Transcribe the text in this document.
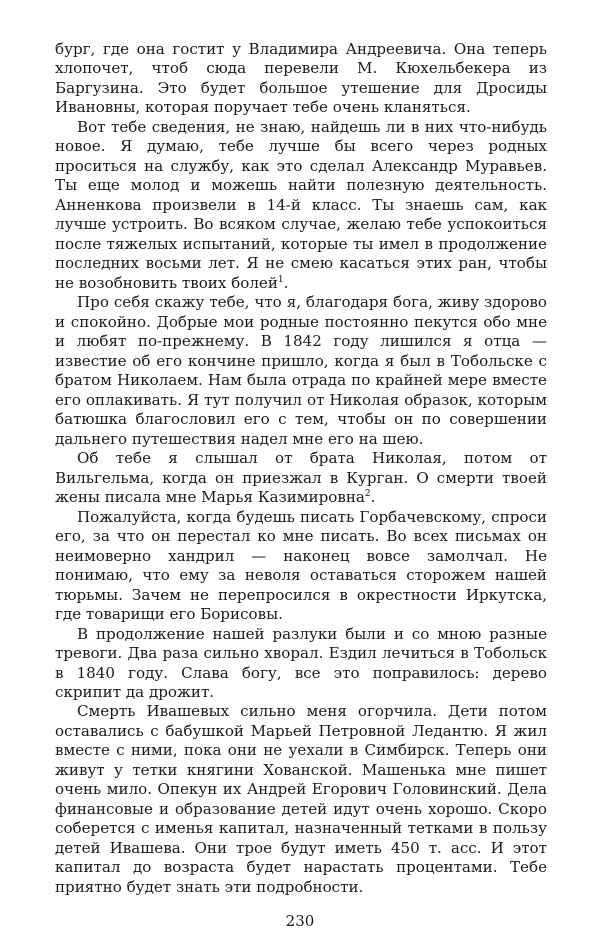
бург, где она гостит у Владимира Андреевича. Она теперь хлопочет, чтоб сюда перевели М. Кюхельбекера из Баргузина. Это будет большое утешение для Дросиды Ивановны, которая поручает тебе очень кланяться.

Вот тебе сведения, не знаю, найдешь ли в них что-нибудь новое. Я думаю, тебе лучше бы всего через родных проситься на службу, как это сделал Александр Муравьев. Ты еще молод и можешь найти полезную деятельность. Анненкова произвели в 14-й класс. Ты знаешь сам, как лучше устроить. Во всяком случае, желаю тебе успокоиться после тяжелых испытаний, которые ты имел в продолжение последних восьми лет. Я не смею касаться этих ран, чтобы не возобновить твоих болей$^1$.

Про себя скажу тебе, что я, благодаря бога, живу здорово и спокойно. Добрые мои родные постоянно пекутся обо мне и любят по-прежнему. В 1842 году лишился я отца — известие об его кончине пришло, когда я был в Тобольске с братом Николаем. Нам была отрада по крайней мере вместе его оплакивать. Я тут получил от Николая образок, которым батюшка благословил его с тем, чтобы он по совершении дальнего путешествия надел мне его на шею.

Об тебе я слышал от брата Николая, потом от Вильгельма, когда он приезжал в Курган. О смерти твоей жены писала мне Марья Казимировна$^2$.

Пожалуйста, когда будешь писать Горбачевскому, спроси его, за что он перестал ко мне писать. Во всех письмах он неимоверно хандрил — наконец вовсе замолчал. Не понимаю, что ему за неволя оставаться сторожем нашей тюрьмы. Зачем не перепросился в окрестности Иркутска, где товарищи его Борисовы.

В продолжение нашей разлуки были и со мною разные тревоги. Два раза сильно хворал. Ездил лечиться в Тобольск в 1840 году. Слава богу, все это поправилось: дерево скрипит да дрожит.

Смерть Ивашевых сильно меня огорчила. Дети потом оставались с бабушкой Марьей Петровной Ледантю. Я жил вместе с ними, пока они не уехали в Симбирск. Теперь они живут у тетки княгини Хованской. Машенька мне пишет очень мило. Опекун их Андрей Егорович Головинский. Дела финансовые и образование детей идут очень хорошо. Скоро соберется с именья капитал, назначенный тетками в пользу детей Ивашева. Они трое будут иметь 450 т. асс. И этот капитал до возраста будет нарастать процентами. Тебе приятно будет знать эти подробности.

230
